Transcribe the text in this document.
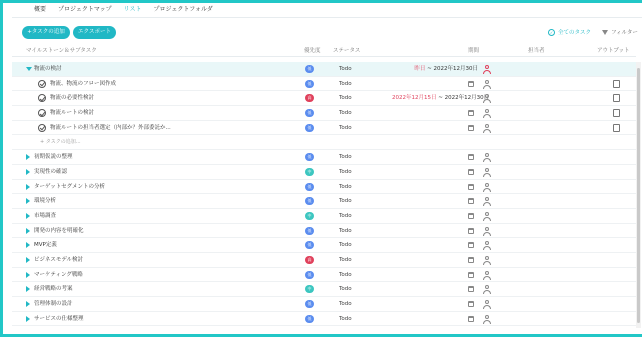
概要 プロジェクトマップ リスト プロジェクトフォルダ
+タスクの追加	エクスポート	✓ 全てのタスク	フィルター
マイルストーン＆サブタスク	優先度 ステータス	期間	担当者	アウトプット
物流の検討	低	Todo	昨日 ~ 2022年12月30日
物流、物流のフロー図作成	低	Todo
物流の必要性検討	高	Todo	2022年12月15日 ~ 2022年12月30日
物流ルートの検討	低	Todo
物流ルートの担当者選定（内部か？外部委託か...	低	Todo
+ タスクの追加...
初期仮説の整理	低	Todo
実現性の確認	中	Todo
ターゲットセグメントの分析	低	Todo
環境分析	低	Todo
市場調査	中	Todo
開発の内容を明確化	低	Todo
MVP定義	低	Todo
ビジネスモデル検討	高	Todo
マーケティング戦略	低	Todo
経営戦略の考案	中	Todo
管理体制の設計	低	Todo
サービスの仕様整理	低	Todo
